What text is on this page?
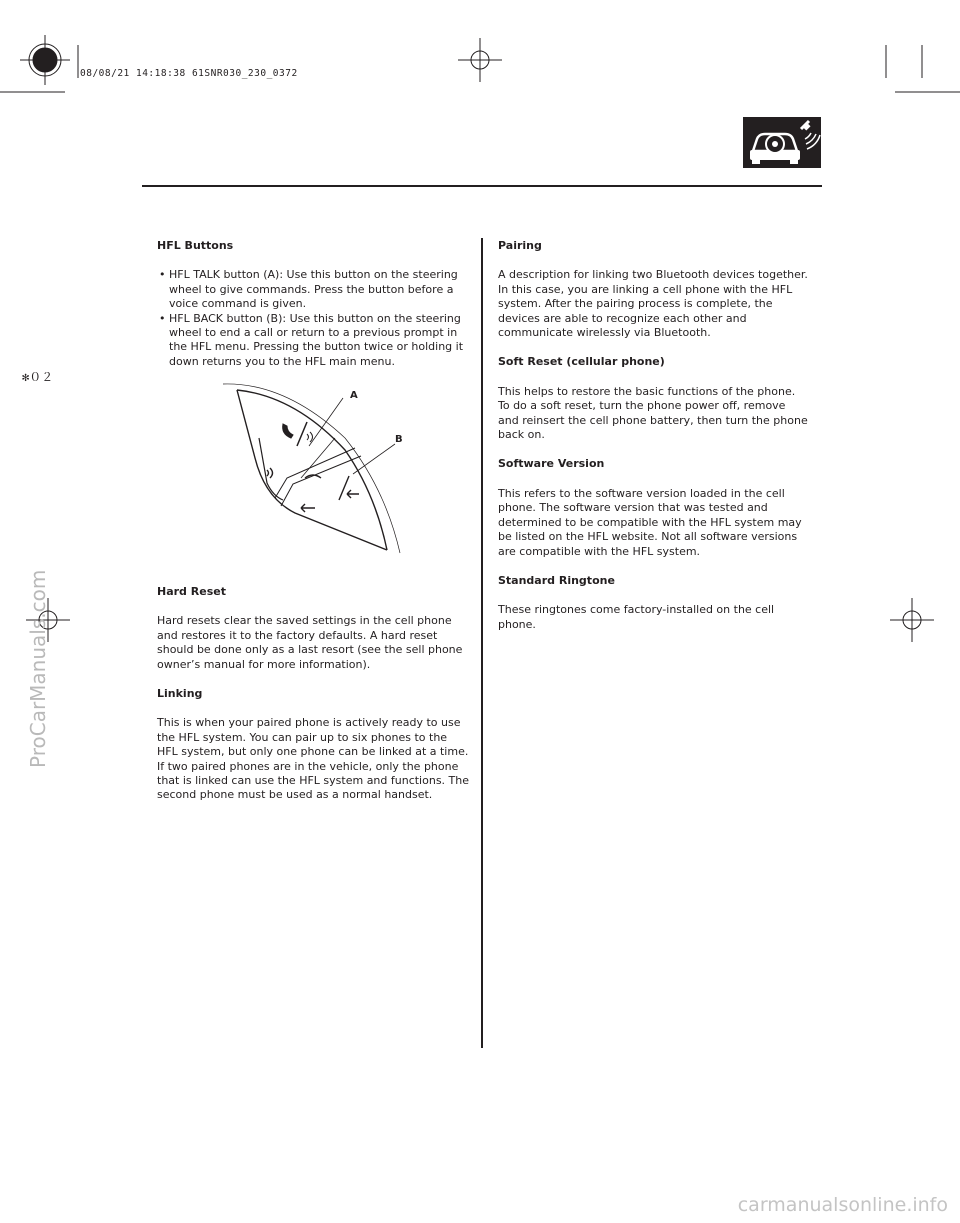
08/08/21 14:18:38 61SNR030_230_0372
✻０２
ProCarManuals.com
carmanualsonline.info
HFL Buttons
• HFL TALK button (A): Use this button on the steering
wheel to give commands. Press the button before a
voice command is given.
• HFL BACK button (B): Use this button on the steering
wheel to end a call or return to a previous prompt in
the HFL menu. Pressing the button twice or holding it
down returns you to the HFL main menu.
A
B
Hard Reset
Hard resets clear the saved settings in the cell phone
and restores it to the factory defaults. A hard reset
should be done only as a last resort (see the sell phone
owner’s manual for more information).
Linking
This is when your paired phone is actively ready to use
the HFL system. You can pair up to six phones to the
HFL system, but only one phone can be linked at a time.
If two paired phones are in the vehicle, only the phone
that is linked can use the HFL system and functions. The
second phone must be used as a normal handset.
Pairing
A description for linking two Bluetooth devices together.
In this case, you are linking a cell phone with the HFL
system. After the pairing process is complete, the
devices are able to recognize each other and
communicate wirelessly via Bluetooth.
Soft Reset (cellular phone)
This helps to restore the basic functions of the phone.
To do a soft reset, turn the phone power off, remove
and reinsert the cell phone battery, then turn the phone
back on.
Software Version
This refers to the software version loaded in the cell
phone. The software version that was tested and
determined to be compatible with the HFL system may
be listed on the HFL website. Not all software versions
are compatible with the HFL system.
Standard Ringtone
These ringtones come factory-installed on the cell
phone.
